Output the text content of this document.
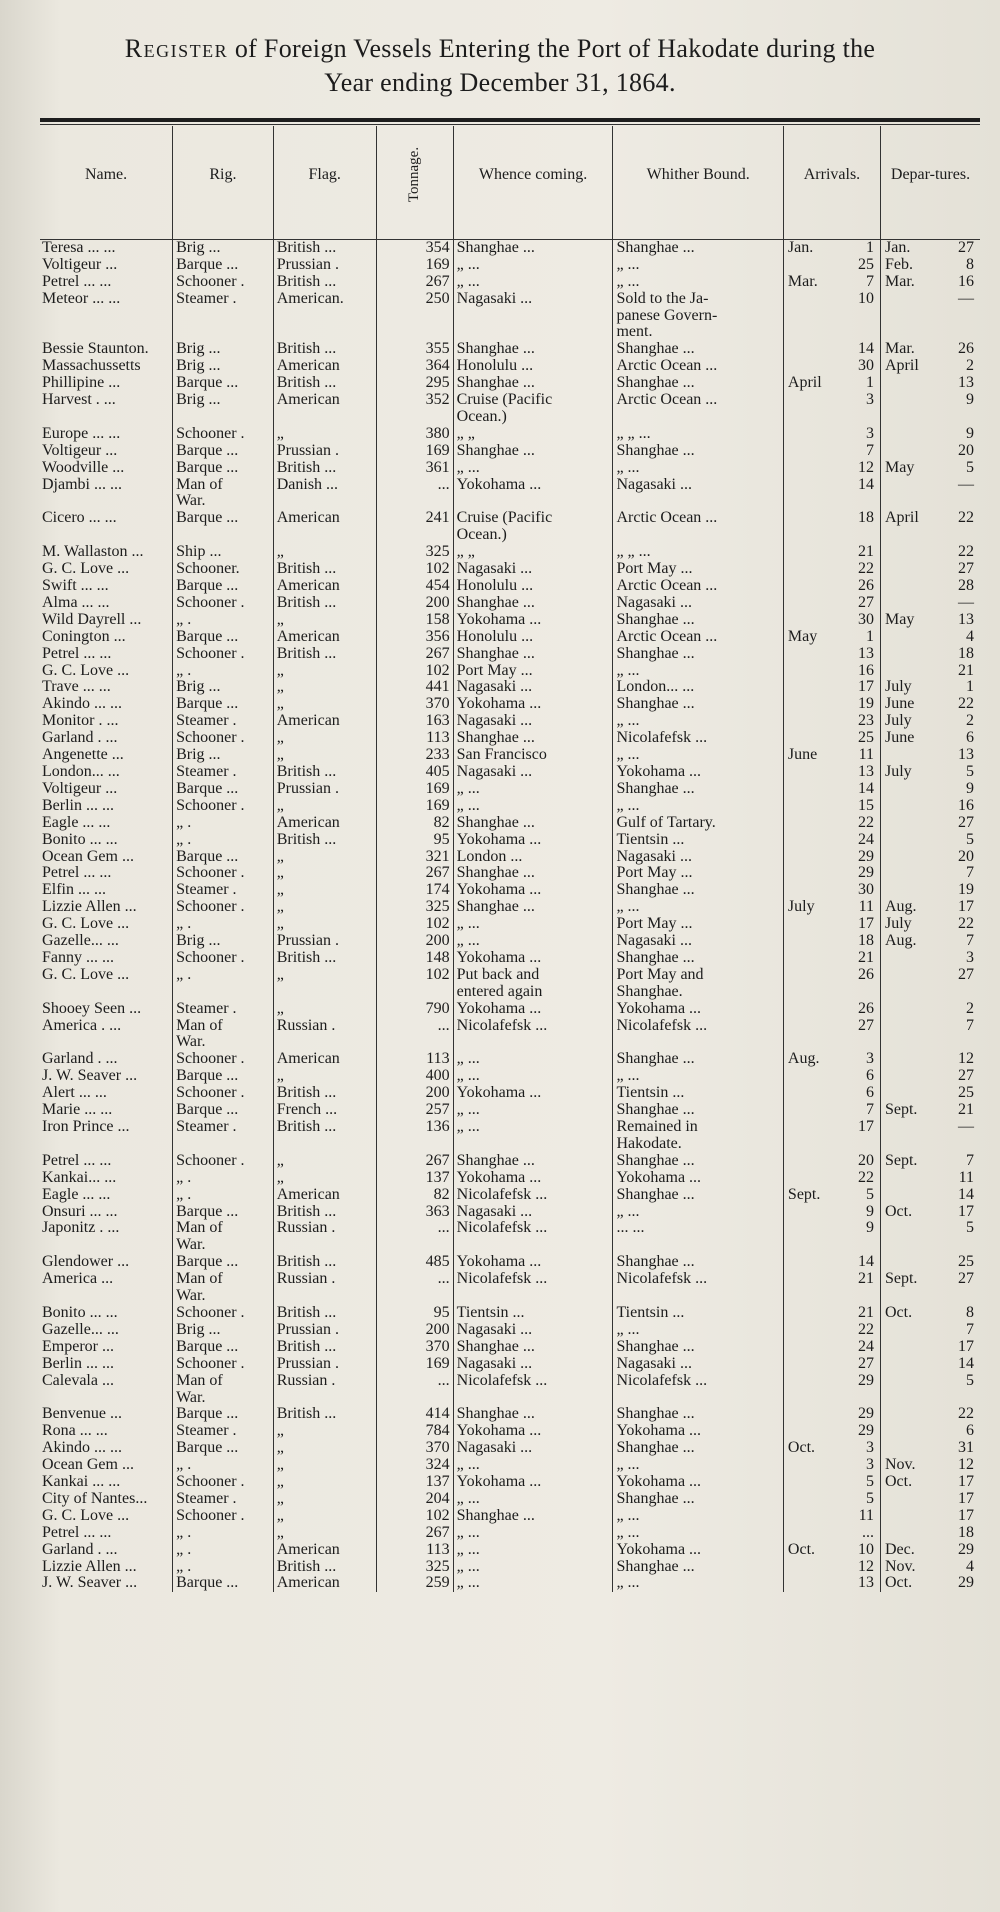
Register of Foreign Vessels Entering the Port of Hakodate during the
Year ending December 31, 1864.
Name.	Rig.	Flag.	Tonnage.	Whence coming.	Whither Bound.	Arrivals.	Depar-tures.

Teresa ... ...	Brig ...	British ...	354	Shanghae ...	Shanghae ...	Jan. 1	Jan. 27

Voltigeur ...	Barque ...	Prussian .	169	„ ...	„ ...	25	Feb. 8

Petrel ... ...	Schooner .	British ...	267	„ ...	„ ...	Mar. 7	Mar. 16

Meteor ... ...	Steamer .	American.	250	Nagasaki ...	Sold to the Ja-	10	—

					panese Govern-	

					ment.	

Bessie Staunton.	Brig ...	British ...	355	Shanghae ...	Shanghae ...	14	Mar. 26

Massachussetts	Brig ...	American	364	Honolulu ...	Arctic Ocean ...	30	April 2

Phillipine ...	Barque ...	British ...	295	Shanghae ...	Shanghae ...	April 1	13

Harvest . ...	Brig ...	American	352	Cruise (Pacific	Arctic Ocean ...	3	9

				Ocean.)		

Europe ... ...	Schooner .	„	380	„ „	„ „ ...	3	9

Voltigeur ...	Barque ...	Prussian .	169	Shanghae ...	Shanghae ...	7	20

Woodville ...	Barque ...	British ...	361	„ ...	„ ...	12	May 5

Djambi ... ...	Man of	Danish ...	...	Yokohama ...	Nagasaki ...	14	—

	War.					

Cicero ... ...	Barque ...	American	241	Cruise (Pacific	Arctic Ocean ...	18	April 22

				Ocean.)		

M. Wallaston ...	Ship ...	„	325	„ „	„ „ ...	21	22

G. C. Love ...	Schooner.	British ...	102	Nagasaki ...	Port May ...	22	27

Swift ... ...	Barque ...	American	454	Honolulu ...	Arctic Ocean ...	26	28

Alma ... ...	Schooner .	British ...	200	Shanghae ...	Nagasaki ...	27	—

Wild Dayrell ...	„ .	„	158	Yokohama ...	Shanghae ...	30	May 13

Conington ...	Barque ...	American	356	Honolulu ...	Arctic Ocean ...	May 1	4

Petrel ... ...	Schooner .	British ...	267	Shanghae ...	Shanghae ...	13	18

G. C. Love ...	„ .	„	102	Port May ...	„ ...	16	21

Trave ... ...	Brig ...	„	441	Nagasaki ...	London... ...	17	July 1

Akindo ... ...	Barque ...	„	370	Yokohama ...	Shanghae ...	19	June 22

Monitor . ...	Steamer .	American	163	Nagasaki ...	„ ...	23	July 2

Garland . ...	Schooner .	„	113	Shanghae ...	Nicolafefsk ...	25	June 6

Angenette ...	Brig ...	„	233	San Francisco	„ ...	June 11	13

London... ...	Steamer .	British ...	405	Nagasaki ...	Yokohama ...	13	July 5

Voltigeur ...	Barque ...	Prussian .	169	„ ...	Shanghae ...	14	9

Berlin ... ...	Schooner .	„	169	„ ...	„ ...	15	16

Eagle ... ...	„ .	American	82	Shanghae ...	Gulf of Tartary.	22	27

Bonito ... ...	„ .	British ...	95	Yokohama ...	Tientsin ...	24	5

Ocean Gem ...	Barque ...	„	321	London ...	Nagasaki ...	29	20

Petrel ... ...	Schooner .	„	267	Shanghae ...	Port May ...	29	7

Elfin ... ...	Steamer .	„	174	Yokohama ...	Shanghae ...	30	19

Lizzie Allen ...	Schooner .	„	325	Shanghae ...	„ ...	July 11	Aug. 17

G. C. Love ...	„ .	„	102	„ ...	Port May ...	17	July 22

Gazelle... ...	Brig ...	Prussian .	200	„ ...	Nagasaki ...	18	Aug. 7

Fanny ... ...	Schooner .	British ...	148	Yokohama ...	Shanghae ...	21	3

G. C. Love ...	„ .	„	102	Put back and	Port May and	26	27

				entered again	Shanghae.	

Shooey Seen ...	Steamer .	„	790	Yokohama ...	Yokohama ...	26	2

America . ...	Man of	Russian .	...	Nicolafefsk ...	Nicolafefsk ...	27	7

	War.					

Garland . ...	Schooner .	American	113	„ ...	Shanghae ...	Aug. 3	12

J. W. Seaver ...	Barque ...	„	400	„ ...	„ ...	6	27

Alert ... ...	Schooner .	British ...	200	Yokohama ...	Tientsin ...	6	25

Marie ... ...	Barque ...	French ...	257	„ ...	Shanghae ...	7	Sept. 21

Iron Prince ...	Steamer .	British ...	136	„ ...	Remained in	17	—

					Hakodate.	

Petrel ... ...	Schooner .	„	267	Shanghae ...	Shanghae ...	20	Sept. 7

Kankai... ...	„ .	„	137	Yokohama ...	Yokohama ...	22	11

Eagle ... ...	„ .	American	82	Nicolafefsk ...	Shanghae ...	Sept. 5	14

Onsuri ... ...	Barque ...	British ...	363	Nagasaki ...	„ ...	9	Oct. 17

Japonitz . ...	Man of	Russian .	...	Nicolafefsk ...	... ...	9	5

	War.					

Glendower ...	Barque ...	British ...	485	Yokohama ...	Shanghae ...	14	25

America ...	Man of	Russian .	...	Nicolafefsk ...	Nicolafefsk ...	21	Sept. 27

	War.					

Bonito ... ...	Schooner .	British ...	95	Tientsin ...	Tientsin ...	21	Oct. 8

Gazelle... ...	Brig ...	Prussian .	200	Nagasaki ...	„ ...	22	7

Emperor ...	Barque ...	British ...	370	Shanghae ...	Shanghae ...	24	17

Berlin ... ...	Schooner .	Prussian .	169	Nagasaki ...	Nagasaki ...	27	14

Calevala ...	Man of	Russian .	...	Nicolafefsk ...	Nicolafefsk ...	29	5

	War.					

Benvenue ...	Barque ...	British ...	414	Shanghae ...	Shanghae ...	29	22

Rona ... ...	Steamer .	„	784	Yokohama ...	Yokohama ...	29	6

Akindo ... ...	Barque ...	„	370	Nagasaki ...	Shanghae ...	Oct. 3	31

Ocean Gem ...	„ .	„	324	„ ...	„ ...	3	Nov. 12

Kankai ... ...	Schooner .	„	137	Yokohama ...	Yokohama ...	5	Oct. 17

City of Nantes...	Steamer .	„	204	„ ...	Shanghae ...	5	17

G. C. Love ...	Schooner .	„	102	Shanghae ...	„ ...	11	17

Petrel ... ...	„ .	„	267	„ ...	„ ...	...	18

Garland . ...	„ .	American	113	„ ...	Yokohama ...	Oct. 10	Dec. 29

Lizzie Allen ...	„ .	British ...	325	„ ...	Shanghae ...	12	Nov. 4

J. W. Seaver ...	Barque ...	American	259	„ ...	„ ...	13	Oct. 29
